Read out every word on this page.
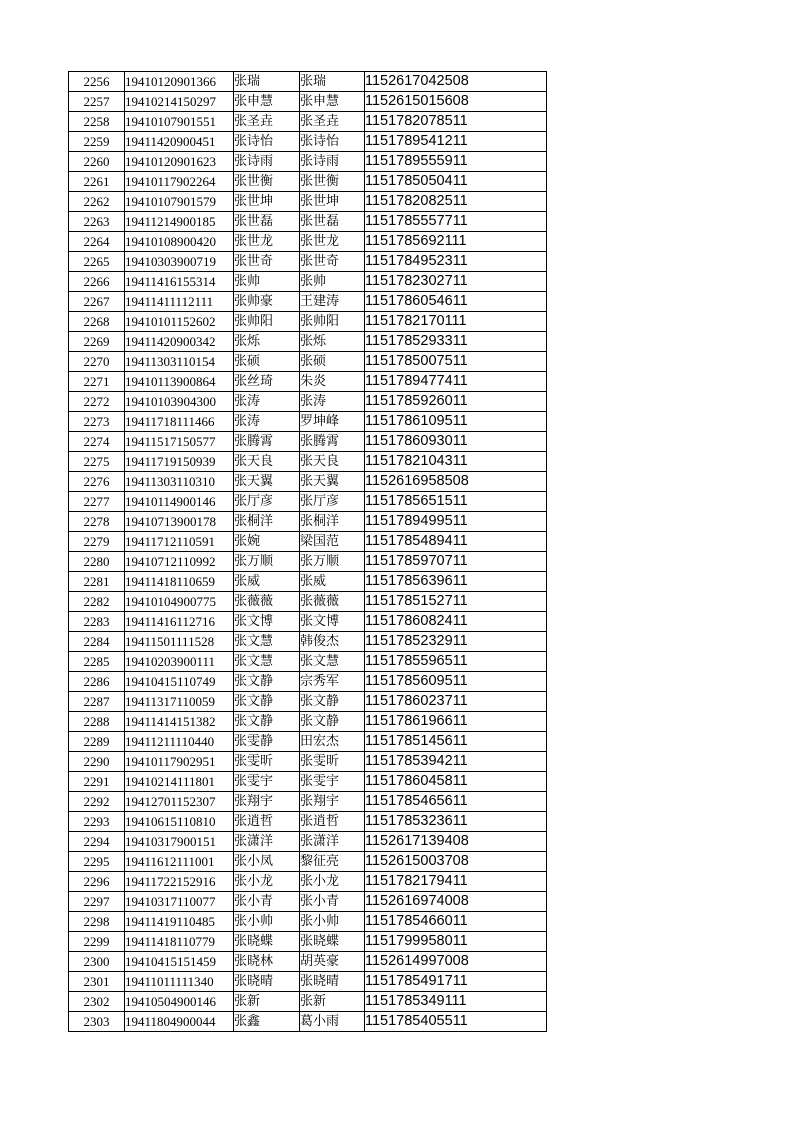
2256	19410120901366	张瑞	张瑞	1152617042508
2257	19410214150297	张申慧	张申慧	1152615015608
2258	19410107901551	张圣垚	张圣垚	1151782078511
2259	19411420900451	张诗怡	张诗怡	1151789541211
2260	19410120901623	张诗雨	张诗雨	1151789555911
2261	19410117902264	张世衡	张世衡	1151785050411
2262	19410107901579	张世坤	张世坤	1151782082511
2263	19411214900185	张世磊	张世磊	1151785557711
2264	19410108900420	张世龙	张世龙	1151785692111
2265	19410303900719	张世奇	张世奇	1151784952311
2266	19411416155314	张帅	张帅	1151782302711
2267	19411411112111	张帅豪	王建涛	1151786054611
2268	19410101152602	张帅阳	张帅阳	1151782170111
2269	19411420900342	张烁	张烁	1151785293311
2270	19411303110154	张硕	张硕	1151785007511
2271	19410113900864	张丝琦	朱炎	1151789477411
2272	19410103904300	张涛	张涛	1151785926011
2273	19411718111466	张涛	罗坤峰	1151786109511
2274	19411517150577	张腾霄	张腾霄	1151786093011
2275	19411719150939	张天良	张天良	1151782104311
2276	19411303110310	张天翼	张天翼	1152616958508
2277	19410114900146	张厅彦	张厅彦	1151785651511
2278	19410713900178	张桐洋	张桐洋	1151789499511
2279	19411712110591	张婉	梁国范	1151785489411
2280	19410712110992	张万顺	张万顺	1151785970711
2281	19411418110659	张威	张威	1151785639611
2282	19410104900775	张薇薇	张薇薇	1151785152711
2283	19411416112716	张文博	张文博	1151786082411
2284	19411501111528	张文慧	韩俊杰	1151785232911
2285	19410203900111	张文慧	张文慧	1151785596511
2286	19410415110749	张文静	宗秀军	1151785609511
2287	19411317110059	张文静	张文静	1151786023711
2288	19411414151382	张文静	张文静	1151786196611
2289	19411211110440	张雯静	田宏杰	1151785145611
2290	19410117902951	张雯昕	张雯昕	1151785394211
2291	19410214111801	张雯宇	张雯宇	1151786045811
2292	19412701152307	张翔宇	张翔宇	1151785465611
2293	19410615110810	张逍哲	张逍哲	1151785323611
2294	19410317900151	张潇洋	张潇洋	1152617139408
2295	19411612111001	张小凤	黎征亮	1152615003708
2296	19411722152916	张小龙	张小龙	1151782179411
2297	19410317110077	张小青	张小青	1152616974008
2298	19411419110485	张小帅	张小帅	1151785466011
2299	19411418110779	张晓蝶	张晓蝶	1151799958011
2300	19410415151459	张晓林	胡英豪	1152614997008
2301	19411011111340	张晓晴	张晓晴	1151785491711
2302	19410504900146	张新	张新	1151785349111
2303	19411804900044	张鑫	葛小雨	1151785405511
